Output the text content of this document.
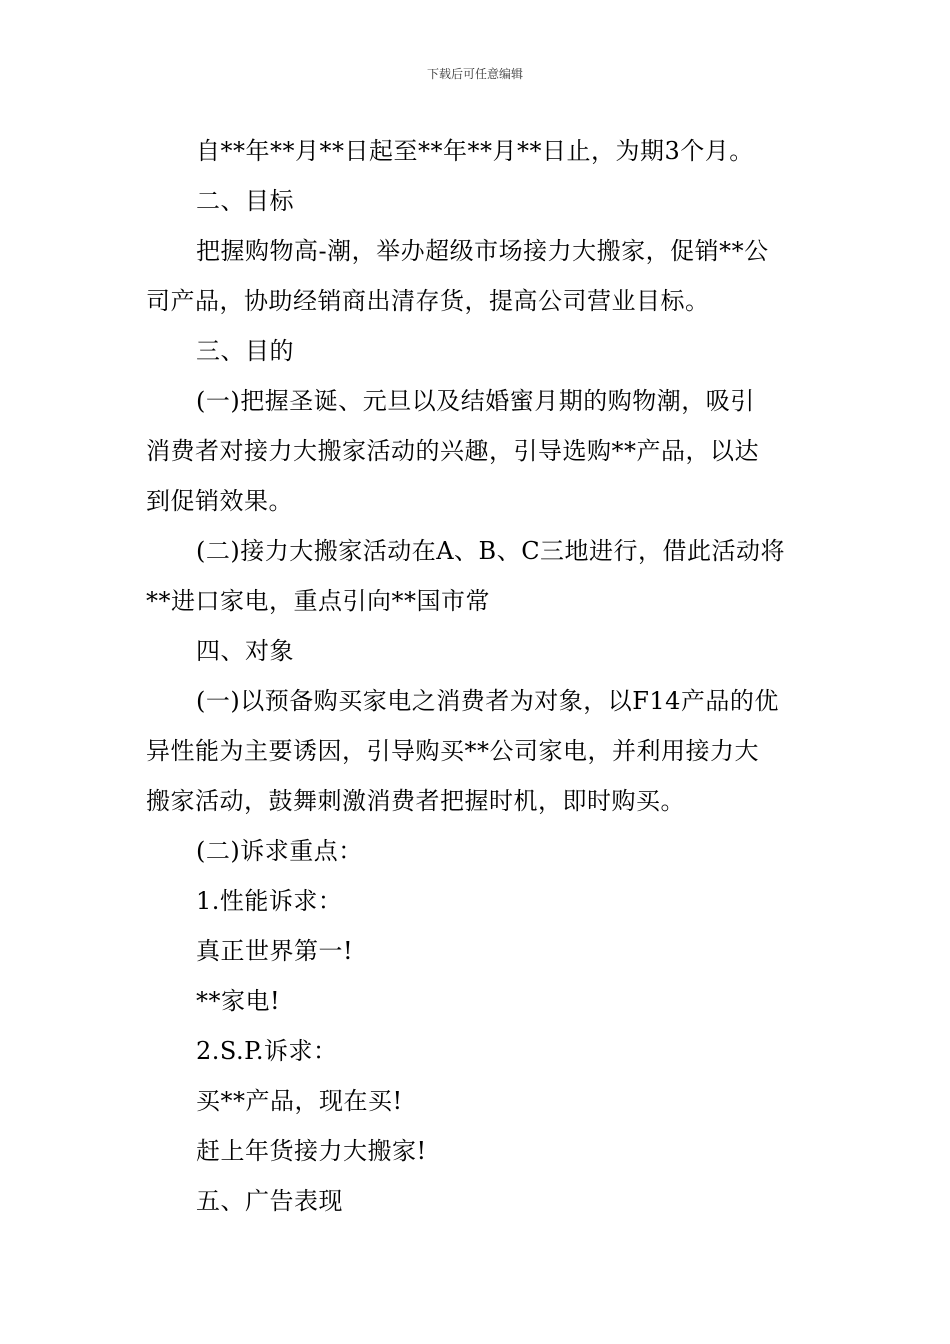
下载后可任意编辑
自**年**月**日起至**年**月**日止，为期3个月。
二、目标
把握购物高-潮，举办超级市场接力大搬家，促销**公
司产品，协助经销商出清存货，提高公司营业目标。
三、目的
(一)把握圣诞、元旦以及结婚蜜月期的购物潮，吸引
消费者对接力大搬家活动的兴趣，引导选购**产品，以达
到促销效果。
(二)接力大搬家活动在A、B、C三地进行，借此活动将
**进口家电，重点引向**国市常
四、对象
(一)以预备购买家电之消费者为对象，以F14产品的优
异性能为主要诱因，引导购买**公司家电，并利用接力大
搬家活动，鼓舞刺激消费者把握时机，即时购买。
(二)诉求重点：
1.性能诉求：
真正世界第一!
**家电!
2.S.P.诉求：
买**产品，现在买!
赶上年货接力大搬家!
五、广告表现
